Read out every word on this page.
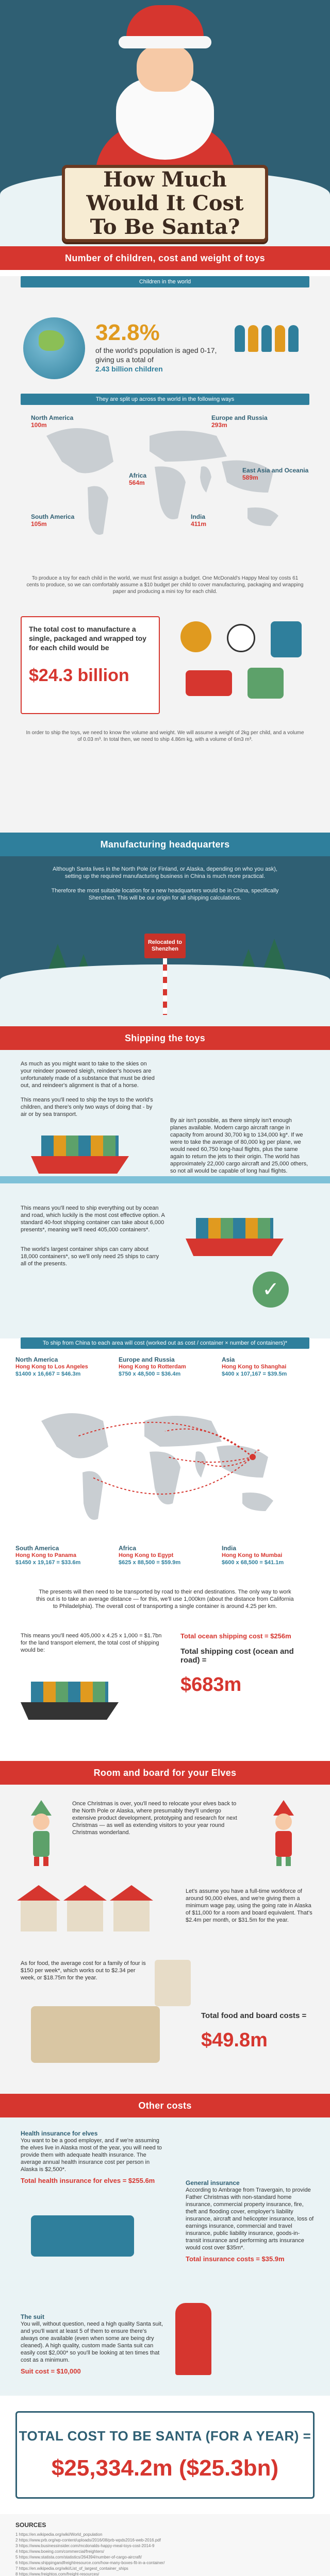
How Much Would It Cost To Be Santa?
Number of children, cost and weight of toys
Children in the world
32.8%
of the world's population is aged 0-17, giving us a total of
2.43 billion children
They are split up across the world in the following ways
North America
100m
Europe and Russia
293m
Africa
564m
East Asia and Oceania
589m
South America
105m
India
411m

To produce a toy for each child in the world, we must first assign a budget. One McDonald's Happy Meal toy costs 61 cents to produce, so we can comfortably assume a $10 budget per child to cover manufacturing, packaging and wrapping paper and producing a mini toy for each child.

The total cost to manufacture a single, packaged and wrapped toy for each child would be
$24.3 billion

In order to ship the toys, we need to know the volume and weight. We will assume a weight of 2kg per child, and a volume of 0.03 m³. In total then, we need to ship 4.86m kg, with a volume of 6m3 m³.

Manufacturing headquarters

Although Santa lives in the North Pole (or Finland, or Alaska, depending on who you ask), setting up the required manufacturing business in China is much more practical.

Therefore the most suitable location for a new headquarters would be in China, specifically Shenzhen. This will be our origin for all shipping calculations.

Relocated to Shenzhen
Shipping the toys

As much as you might want to take to the skies on your reindeer powered sleigh, reindeer's hooves are unfortunately made of a substance that must be dried out, and reindeer's alignment is that of a horse.

This means you'll need to ship the toys to the world's children, and there's only two ways of doing that - by air or by sea transport.

By air isn't possible, as there simply isn't enough planes available. Modern cargo aircraft range in capacity from around 30,700 kg to 134,000 kg*. If we were to take the average of 80,000 kg per plane, we would need 60,750 long-haul flights, plus the same again to return the jets to their origin. The world has approximately 22,000 cargo aircraft and 25,000 others, so not all would be capable of long haul flights.

This means you'll need to ship everything out by ocean and road, which luckily is the most cost effective option. A standard 40-foot shipping container can take about 6,000 presents*, meaning we'll need 405,000 containers*.

The world's largest container ships can carry about 18,000 containers*, so we'll only need 25 ships to carry all of the presents.

✓
To ship from China to each area will cost (worked out as cost / container × number of containers)*
North America
Hong Kong to Los Angeles
$1400 x 16,667 = $46.3m
Europe and Russia
Hong Kong to Rotterdam
$750 x 48,500 = $36.4m
Asia
Hong Kong to Shanghai
$400 x 107,167 = $39.5m
South America
Hong Kong to Panama
$1450 x 19,167 = $33.6m
Africa
Hong Kong to Egypt
$625 x 88,500 = $59.9m
India
Hong Kong to Mumbai
$600 x 68,500 = $41.1m

The presents will then need to be transported by road to their end destinations. The only way to work this out is to take an average distance — for this, we'll use 1,000km (about the distance from California to Philadelphia). The overall cost of transporting a single container is around 4.25 per km.

This means you'll need 405,000 x 4.25 x 1,000 = $1.7bn for the land transport element, the total cost of shipping would be:

Total ocean shipping cost = $256m
Total shipping cost (ocean and road) =
$683m
Room and board for your Elves

Once Christmas is over, you'll need to relocate your elves back to the North Pole or Alaska, where presumably they'll undergo extensive product development, prototyping and research for next Christmas — as well as extending visitors to your year round Christmas wonderland.

Let's assume you have a full-time workforce of around 90,000 elves, and we're giving them a minimum wage pay, using the going rate in Alaska of $11,000 for a room and board equivalent. That's $2.4m per month, or $31.5m for the year.

As for food, the average cost for a family of four is $150 per week*, which works out to $2.34 per week, or $18.75m for the year.

Total food and board costs =
$49.8m
Other costs
Health insurance for elves

You want to be a good employer, and if we're assuming the elves live in Alaska most of the year, you will need to provide them with adequate health insurance. The average annual health insurance cost per person in Alaska is $2,500*.

Total health insurance for elves = $255.6m	General insurance

According to Ambrage from Travergain, to provide Father Christmas with non-standard home insurance, commercial property insurance, fire, theft and flooding cover, employer's liability insurance, aircraft and helicopter insurance, loss of earnings insurance, commercial and travel insurance, public liability insurance, goods-in-transit insurance and performing arts insurance would cost over $35m*.

Total insurance costs = $35.9m
The suit

You will, without question, need a high quality Santa suit, and you'll want at least 5 of them to ensure there's always one available (even when some are being dry cleaned). A high quality, custom made Santa suit can easily cost $2,000* so you'll be looking at ten times that cost as a minimum.

Suit cost = $10,000
TOTAL COST TO BE SANTA (FOR A YEAR) =
$25,334.2m ($25.3bn)
SOURCES
1 https://en.wikipedia.org/wiki/World_population
2 https://www.prb.org/wp-content/uploads/2016/08/prb-wpds2016-web-2016.pdf
3 https://www.businessinsider.com/mcdonalds-happy-meal-toys-cost-2014-9
4 https://www.boeing.com/commercial/freighters/
5 https://www.statista.com/statistics/264394/number-of-cargo-aircraft/
6 https://www.shippingandfreightresource.com/how-many-boxes-fit-in-a-container/
7 https://en.wikipedia.org/wiki/List_of_largest_container_ships
8 https://www.freightos.com/freight-resources/
